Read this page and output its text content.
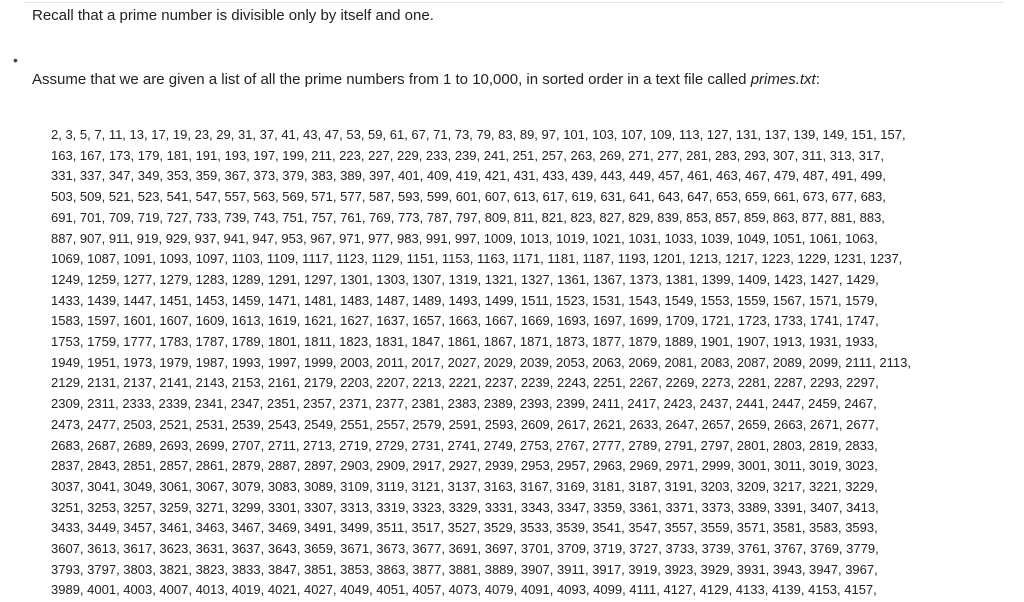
Recall that a prime number is divisible only by itself and one.
•
Assume that we are given a list of all the prime numbers from 1 to 10,000, in sorted order in a text file called primes.txt:
2, 3, 5, 7, 11, 13, 17, 19, 23, 29, 31, 37, 41, 43, 47, 53, 59, 61, 67, 71, 73, 79, 83, 89, 97, 101, 103, 107, 109, 113, 127, 131, 137, 139, 149, 151, 157,
163, 167, 173, 179, 181, 191, 193, 197, 199, 211, 223, 227, 229, 233, 239, 241, 251, 257, 263, 269, 271, 277, 281, 283, 293, 307, 311, 313, 317,
331, 337, 347, 349, 353, 359, 367, 373, 379, 383, 389, 397, 401, 409, 419, 421, 431, 433, 439, 443, 449, 457, 461, 463, 467, 479, 487, 491, 499,
503, 509, 521, 523, 541, 547, 557, 563, 569, 571, 577, 587, 593, 599, 601, 607, 613, 617, 619, 631, 641, 643, 647, 653, 659, 661, 673, 677, 683,
691, 701, 709, 719, 727, 733, 739, 743, 751, 757, 761, 769, 773, 787, 797, 809, 811, 821, 823, 827, 829, 839, 853, 857, 859, 863, 877, 881, 883,
887, 907, 911, 919, 929, 937, 941, 947, 953, 967, 971, 977, 983, 991, 997, 1009, 1013, 1019, 1021, 1031, 1033, 1039, 1049, 1051, 1061, 1063,
1069, 1087, 1091, 1093, 1097, 1103, 1109, 1117, 1123, 1129, 1151, 1153, 1163, 1171, 1181, 1187, 1193, 1201, 1213, 1217, 1223, 1229, 1231, 1237,
1249, 1259, 1277, 1279, 1283, 1289, 1291, 1297, 1301, 1303, 1307, 1319, 1321, 1327, 1361, 1367, 1373, 1381, 1399, 1409, 1423, 1427, 1429,
1433, 1439, 1447, 1451, 1453, 1459, 1471, 1481, 1483, 1487, 1489, 1493, 1499, 1511, 1523, 1531, 1543, 1549, 1553, 1559, 1567, 1571, 1579,
1583, 1597, 1601, 1607, 1609, 1613, 1619, 1621, 1627, 1637, 1657, 1663, 1667, 1669, 1693, 1697, 1699, 1709, 1721, 1723, 1733, 1741, 1747,
1753, 1759, 1777, 1783, 1787, 1789, 1801, 1811, 1823, 1831, 1847, 1861, 1867, 1871, 1873, 1877, 1879, 1889, 1901, 1907, 1913, 1931, 1933,
1949, 1951, 1973, 1979, 1987, 1993, 1997, 1999, 2003, 2011, 2017, 2027, 2029, 2039, 2053, 2063, 2069, 2081, 2083, 2087, 2089, 2099, 2111, 2113,
2129, 2131, 2137, 2141, 2143, 2153, 2161, 2179, 2203, 2207, 2213, 2221, 2237, 2239, 2243, 2251, 2267, 2269, 2273, 2281, 2287, 2293, 2297,
2309, 2311, 2333, 2339, 2341, 2347, 2351, 2357, 2371, 2377, 2381, 2383, 2389, 2393, 2399, 2411, 2417, 2423, 2437, 2441, 2447, 2459, 2467,
2473, 2477, 2503, 2521, 2531, 2539, 2543, 2549, 2551, 2557, 2579, 2591, 2593, 2609, 2617, 2621, 2633, 2647, 2657, 2659, 2663, 2671, 2677,
2683, 2687, 2689, 2693, 2699, 2707, 2711, 2713, 2719, 2729, 2731, 2741, 2749, 2753, 2767, 2777, 2789, 2791, 2797, 2801, 2803, 2819, 2833,
2837, 2843, 2851, 2857, 2861, 2879, 2887, 2897, 2903, 2909, 2917, 2927, 2939, 2953, 2957, 2963, 2969, 2971, 2999, 3001, 3011, 3019, 3023,
3037, 3041, 3049, 3061, 3067, 3079, 3083, 3089, 3109, 3119, 3121, 3137, 3163, 3167, 3169, 3181, 3187, 3191, 3203, 3209, 3217, 3221, 3229,
3251, 3253, 3257, 3259, 3271, 3299, 3301, 3307, 3313, 3319, 3323, 3329, 3331, 3343, 3347, 3359, 3361, 3371, 3373, 3389, 3391, 3407, 3413,
3433, 3449, 3457, 3461, 3463, 3467, 3469, 3491, 3499, 3511, 3517, 3527, 3529, 3533, 3539, 3541, 3547, 3557, 3559, 3571, 3581, 3583, 3593,
3607, 3613, 3617, 3623, 3631, 3637, 3643, 3659, 3671, 3673, 3677, 3691, 3697, 3701, 3709, 3719, 3727, 3733, 3739, 3761, 3767, 3769, 3779,
3793, 3797, 3803, 3821, 3823, 3833, 3847, 3851, 3853, 3863, 3877, 3881, 3889, 3907, 3911, 3917, 3919, 3923, 3929, 3931, 3943, 3947, 3967,
3989, 4001, 4003, 4007, 4013, 4019, 4021, 4027, 4049, 4051, 4057, 4073, 4079, 4091, 4093, 4099, 4111, 4127, 4129, 4133, 4139, 4153, 4157,
